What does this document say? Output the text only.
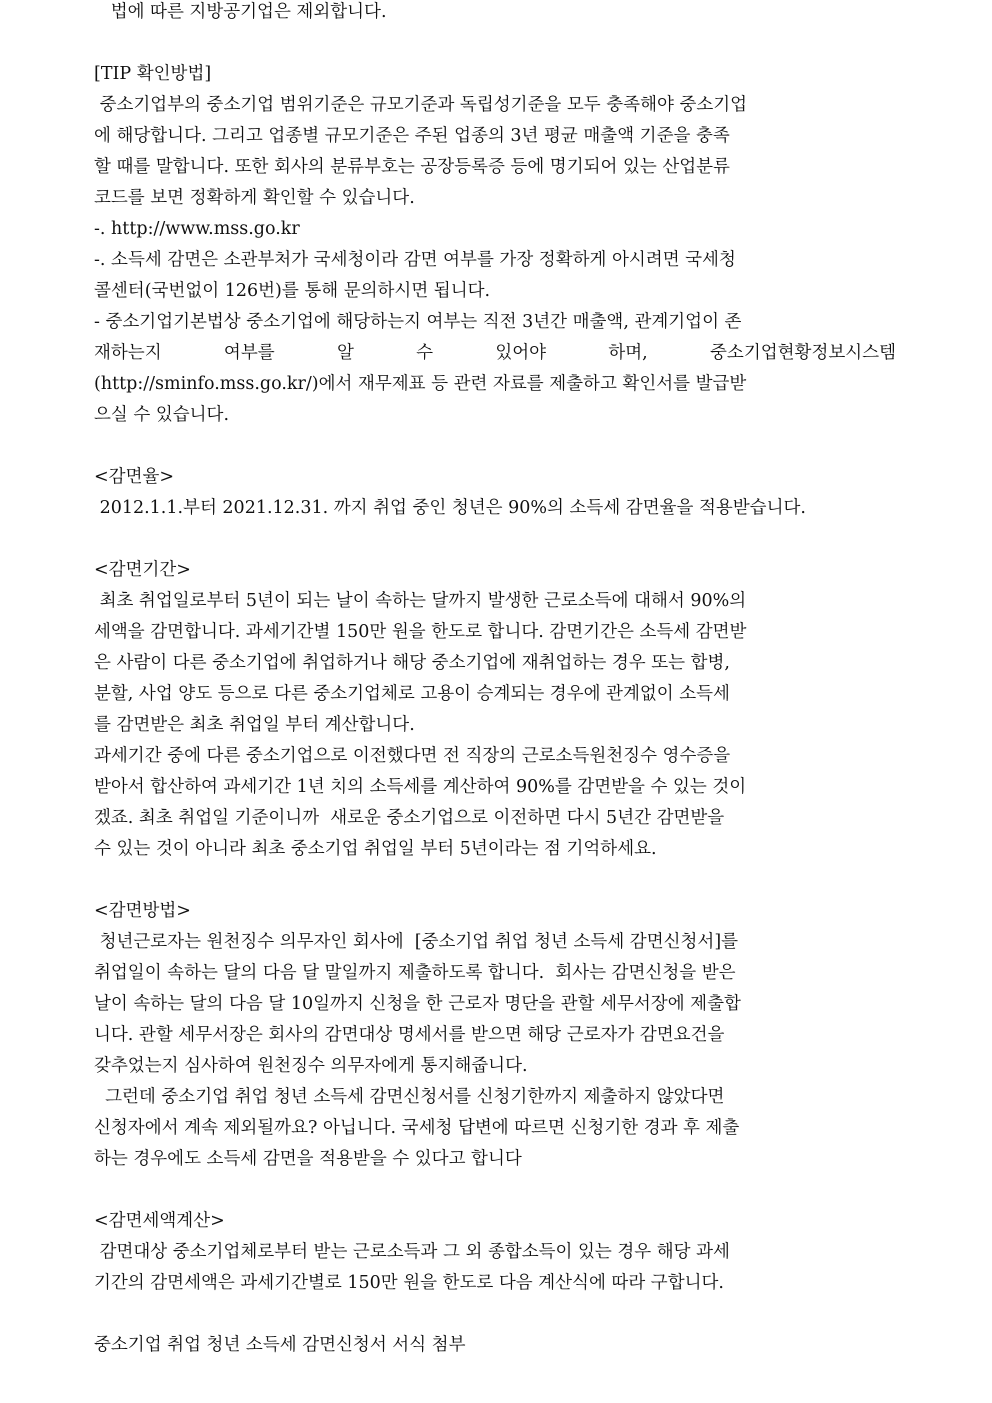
법에 따른 지방공기업은 제외합니다.
[TIP 확인방법]
중소기업부의 중소기업 범위기준은 규모기준과 독립성기준을 모두 충족해야 중소기업
에 해당합니다. 그리고 업종별 규모기준은 주된 업종의 3년 평균 매출액 기준을 충족
할 때를 말합니다. 또한 회사의 분류부호는 공장등록증 등에 명기되어 있는 산업분류
코드를 보면 정확하게 확인할 수 있습니다.
-. http://www.mss.go.kr
-. 소득세 감면은 소관부처가 국세청이라 감면 여부를 가장 정확하게 아시려면 국세청
콜센터(국번없이 126번)를 통해 문의하시면 됩니다.
- 중소기업기본법상 중소기업에 해당하는지 여부는 직전 3년간 매출액, 관계기업이 존
재하는지	여부를	알	수	있어야	하며,	중소기업현황정보시스템
(http://sminfo.mss.go.kr/)에서 재무제표 등 관련 자료를 제출하고 확인서를 발급받
으실 수 있습니다.
<감면율>
2012.1.1.부터 2021.12.31. 까지 취업 중인 청년은 90%의 소득세 감면율을 적용받습니다.
<감면기간>
최초 취업일로부터 5년이 되는 날이 속하는 달까지 발생한 근로소득에 대해서 90%의
세액을 감면합니다. 과세기간별 150만 원을 한도로 합니다. 감면기간은 소득세 감면받
은 사람이 다른 중소기업에 취업하거나 해당 중소기업에 재취업하는 경우 또는 합병,
분할, 사업 양도 등으로 다른 중소기업체로 고용이 승계되는 경우에 관계없이 소득세
를 감면받은 최초 취업일 부터 계산합니다.
과세기간 중에 다른 중소기업으로 이전했다면 전 직장의 근로소득원천징수 영수증을
받아서 합산하여 과세기간 1년 치의 소득세를 계산하여 90%를 감면받을 수 있는 것이
겠죠. 최초 취업일 기준이니까  새로운 중소기업으로 이전하면 다시 5년간 감면받을
수 있는 것이 아니라 최초 중소기업 취업일 부터 5년이라는 점 기억하세요.
<감면방법>
청년근로자는 원천징수 의무자인 회사에  [중소기업 취업 청년 소득세 감면신청서]를
취업일이 속하는 달의 다음 달 말일까지 제출하도록 합니다.  회사는 감면신청을 받은
날이 속하는 달의 다음 달 10일까지 신청을 한 근로자 명단을 관할 세무서장에 제출합
니다. 관할 세무서장은 회사의 감면대상 명세서를 받으면 해당 근로자가 감면요건을
갖추었는지 심사하여 원천징수 의무자에게 통지해줍니다.
그런데 중소기업 취업 청년 소득세 감면신청서를 신청기한까지 제출하지 않았다면
신청자에서 계속 제외될까요? 아닙니다. 국세청 답변에 따르면 신청기한 경과 후 제출
하는 경우에도 소득세 감면을 적용받을 수 있다고 합니다
<감면세액계산>
감면대상 중소기업체로부터 받는 근로소득과 그 외 종합소득이 있는 경우 해당 과세
기간의 감면세액은 과세기간별로 150만 원을 한도로 다음 계산식에 따라 구합니다.
중소기업 취업 청년 소득세 감면신청서 서식 첨부
